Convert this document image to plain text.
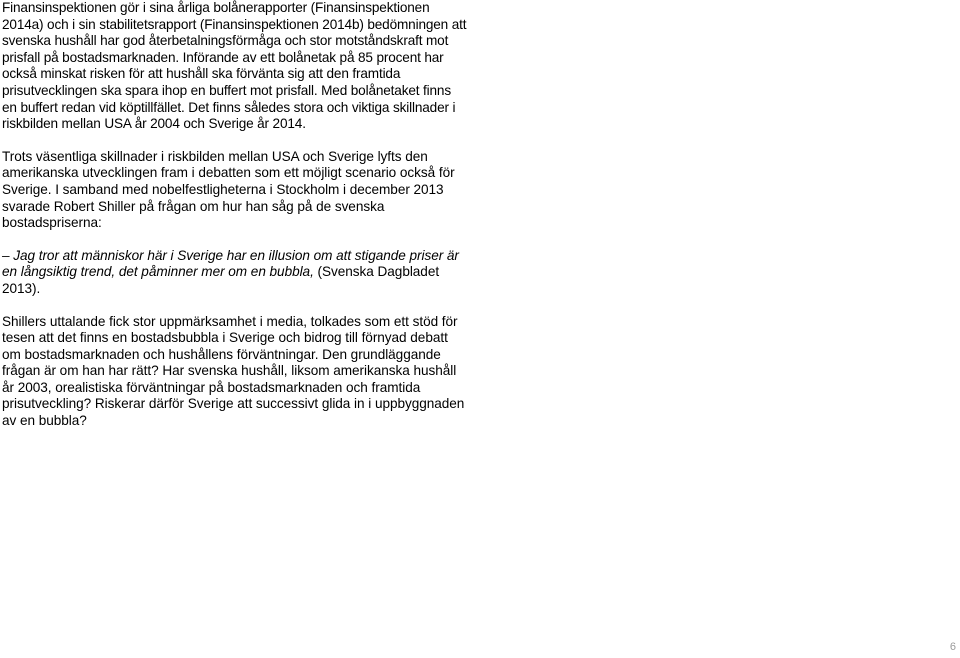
Finansinspektionen gör i sina årliga bolånerapporter (Finansinspektionen 2014a) och i sin stabilitetsrapport (Finansinspektionen 2014b) bedömningen att svenska hushåll har god återbetalningsförmåga och stor motståndskraft mot prisfall på bostadsmarknaden. Införande av ett bolånetak på 85 procent har också minskat risken för att hushåll ska förvänta sig att den framtida prisutvecklingen ska spara ihop en buffert mot prisfall. Med bolånetaket finns en buffert redan vid köptillfället. Det finns således stora och viktiga skillnader i riskbilden mellan USA år 2004 och Sverige år 2014.

Trots väsentliga skillnader i riskbilden mellan USA och Sverige lyfts den amerikanska utvecklingen fram i debatten som ett möjligt scenario också för Sverige. I samband med nobelfestligheterna i Stockholm i december 2013 svarade Robert Shiller på frågan om hur han såg på de svenska bostadspriserna:

– Jag tror att människor här i Sverige har en illusion om att stigande priser är en långsiktig trend, det påminner mer om en bubbla, (Svenska Dagbladet 2013).

Shillers uttalande fick stor uppmärksamhet i media, tolkades som ett stöd för tesen att det finns en bostadsbubbla i Sverige och bidrog till förnyad debatt om bostadsmarknaden och hushållens förväntningar. Den grundläggande frågan är om han har rätt? Har svenska hushåll, liksom amerikanska hushåll år 2003, orealistiska förväntningar på bostadsmarknaden och framtida prisutveckling? Riskerar därför Sverige att successivt glida in i uppbyggnaden av en bubbla?

6
